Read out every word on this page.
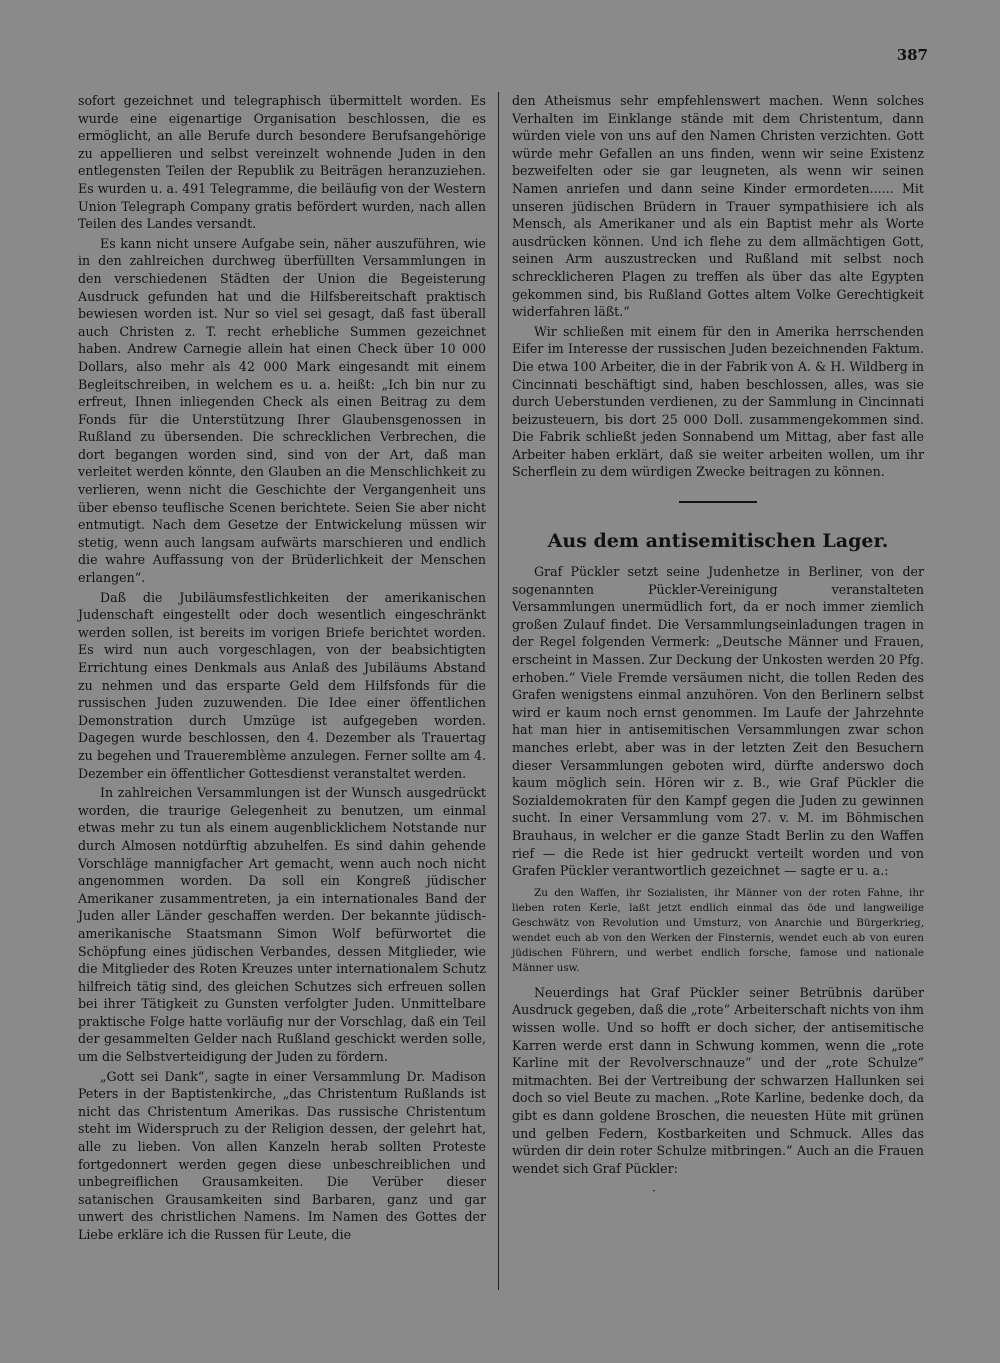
387

sofort gezeichnet und telegraphisch übermittelt worden. Es wurde eine eigenartige Organisation beschlossen, die es ermöglicht, an alle Berufe durch besondere Berufsangehörige zu appellieren und selbst vereinzelt wohnende Juden in den entlegensten Teilen der Republik zu Beiträgen heranzuziehen. Es wurden u. a. 491 Telegramme, die beiläufig von der Western Union Telegraph Company gratis befördert wurden, nach allen Teilen des Landes versandt.

Es kann nicht unsere Aufgabe sein, näher auszuführen, wie in den zahlreichen durchweg überfüllten Versammlungen in den verschiedenen Städten der Union die Begeisterung Ausdruck gefunden hat und die Hilfsbereitschaft praktisch bewiesen worden ist. Nur so viel sei gesagt, daß fast überall auch Christen z. T. recht erhebliche Summen gezeichnet haben. Andrew Carnegie allein hat einen Check über 10 000 Dollars, also mehr als 42 000 Mark eingesandt mit einem Begleitschreiben, in welchem es u. a. heißt: „Ich bin nur zu erfreut, Ihnen inliegenden Check als einen Beitrag zu dem Fonds für die Unterstützung Ihrer Glaubensgenossen in Rußland zu übersenden. Die schrecklichen Verbrechen, die dort begangen worden sind, sind von der Art, daß man verleitet werden könnte, den Glauben an die Menschlichkeit zu verlieren, wenn nicht die Geschichte der Vergangenheit uns über ebenso teuflische Scenen berichtete. Seien Sie aber nicht entmutigt. Nach dem Gesetze der Entwickelung müssen wir stetig, wenn auch langsam aufwärts marschieren und endlich die wahre Auffassung von der Brüderlichkeit der Menschen erlangen“.

Daß die Jubiläumsfestlichkeiten der amerikanischen Judenschaft eingestellt oder doch wesentlich eingeschränkt werden sollen, ist bereits im vorigen Briefe berichtet worden. Es wird nun auch vorgeschlagen, von der beabsichtigten Errichtung eines Denkmals aus Anlaß des Jubiläums Abstand zu nehmen und das ersparte Geld dem Hilfsfonds für die russischen Juden zuzuwenden. Die Idee einer öffentlichen Demonstration durch Umzüge ist aufgegeben worden. Dagegen wurde beschlossen, den 4. Dezember als Trauertag zu begehen und Traueremblème anzulegen. Ferner sollte am 4. Dezember ein öffentlicher Gottesdienst veranstaltet werden.

In zahlreichen Versammlungen ist der Wunsch ausgedrückt worden, die traurige Gelegenheit zu benutzen, um einmal etwas mehr zu tun als einem augenblicklichem Notstande nur durch Almosen notdürftig abzuhelfen. Es sind dahin gehende Vorschläge mannigfacher Art gemacht, wenn auch noch nicht angenommen worden. Da soll ein Kongreß jüdischer Amerikaner zusammentreten, ja ein internationales Band der Juden aller Länder geschaffen werden. Der bekannte jüdisch-amerikanische Staatsmann Simon Wolf befürwortet die Schöpfung eines jüdischen Verbandes, dessen Mitglieder, wie die Mitglieder des Roten Kreuzes unter internationalem Schutz hilfreich tätig sind, des gleichen Schutzes sich erfreuen sollen bei ihrer Tätigkeit zu Gunsten verfolgter Juden. Unmittelbare praktische Folge hatte vorläufig nur der Vorschlag, daß ein Teil der gesammelten Gelder nach Rußland geschickt werden solle, um die Selbstverteidigung der Juden zu fördern.

„Gott sei Dank“, sagte in einer Versammlung Dr. Madison Peters in der Baptistenkirche, „das Christentum Rußlands ist nicht das Christentum Amerikas. Das russische Christentum steht im Widerspruch zu der Religion dessen, der gelehrt hat, alle zu lieben. Von allen Kanzeln herab sollten Proteste fortgedonnert werden gegen diese unbeschreiblichen und unbegreiflichen Grausamkeiten. Die Verüber dieser satanischen Grausamkeiten sind Barbaren, ganz und gar unwert des christlichen Namens. Im Namen des Gottes der Liebe erkläre ich die Russen für Leute, die

den Atheismus sehr empfehlenswert machen. Wenn solches Verhalten im Einklange stände mit dem Christentum, dann würden viele von uns auf den Namen Christen verzichten. Gott würde mehr Gefallen an uns finden, wenn wir seine Existenz bezweifelten oder sie gar leugneten, als wenn wir seinen Namen anriefen und dann seine Kinder ermordeten...... Mit unseren jüdischen Brüdern in Trauer sympathisiere ich als Mensch, als Amerikaner und als ein Baptist mehr als Worte ausdrücken können. Und ich flehe zu dem allmächtigen Gott, seinen Arm auszustrecken und Rußland mit selbst noch schrecklicheren Plagen zu treffen als über das alte Egypten gekommen sind, bis Rußland Gottes altem Volke Gerechtigkeit widerfahren läßt.“

Wir schließen mit einem für den in Amerika herrschenden Eifer im Interesse der russischen Juden bezeichnenden Faktum. Die etwa 100 Arbeiter, die in der Fabrik von A. & H. Wildberg in Cincinnati beschäftigt sind, haben beschlossen, alles, was sie durch Ueberstunden verdienen, zu der Sammlung in Cincinnati beizusteuern, bis dort 25 000 Doll. zusammengekommen sind. Die Fabrik schließt jeden Sonnabend um Mittag, aber fast alle Arbeiter haben erklärt, daß sie weiter arbeiten wollen, um ihr Scherflein zu dem würdigen Zwecke beitragen zu können.

Aus dem antisemitischen Lager.

Graf Pückler setzt seine Judenhetze in Berliner, von der sogenannten Pückler-Vereinigung veranstalteten Versammlungen unermüdlich fort, da er noch immer ziemlich großen Zulauf findet. Die Versammlungseinladungen tragen in der Regel folgenden Vermerk: „Deutsche Männer und Frauen, erscheint in Massen. Zur Deckung der Unkosten werden 20 Pfg. erhoben.“ Viele Fremde versäumen nicht, die tollen Reden des Grafen wenigstens einmal anzuhören. Von den Berlinern selbst wird er kaum noch ernst genommen. Im Laufe der Jahrzehnte hat man hier in antisemitischen Versammlungen zwar schon manches erlebt, aber was in der letzten Zeit den Besuchern dieser Versammlungen geboten wird, dürfte anderswo doch kaum möglich sein. Hören wir z. B., wie Graf Pückler die Sozialdemokraten für den Kampf gegen die Juden zu gewinnen sucht. In einer Versammlung vom 27. v. M. im Böhmischen Brauhaus, in welcher er die ganze Stadt Berlin zu den Waffen rief — die Rede ist hier gedruckt verteilt worden und von Grafen Pückler verantwortlich gezeichnet — sagte er u. a.:

Zu den Waffen, ihr Sozialisten, ihr Männer von der roten Fahne, ihr lieben roten Kerle, laßt jetzt endlich einmal das öde und langweilige Geschwätz von Revolution und Umsturz, von Anarchie und Bürgerkrieg, wendet euch ab von den Werken der Finsternis, wendet euch ab von euren jüdischen Führern, und werbet endlich forsche, famose und nationale Männer usw.

Neuerdings hat Graf Pückler seiner Betrübnis darüber Ausdruck gegeben, daß die „rote“ Arbeiterschaft nichts von ihm wissen wolle. Und so hofft er doch sicher, der antisemitische Karren werde erst dann in Schwung kommen, wenn die „rote Karline mit der Revolverschnauze“ und der „rote Schulze“ mitmachten. Bei der Vertreibung der schwarzen Hallunken sei doch so viel Beute zu machen. „Rote Karline, bedenke doch, da gibt es dann goldene Broschen, die neuesten Hüte mit grünen und gelben Federn, Kostbarkeiten und Schmuck. Alles das würden dir dein roter Schulze mitbringen.“ Auch an die Frauen wendet sich Graf Pückler:

·
